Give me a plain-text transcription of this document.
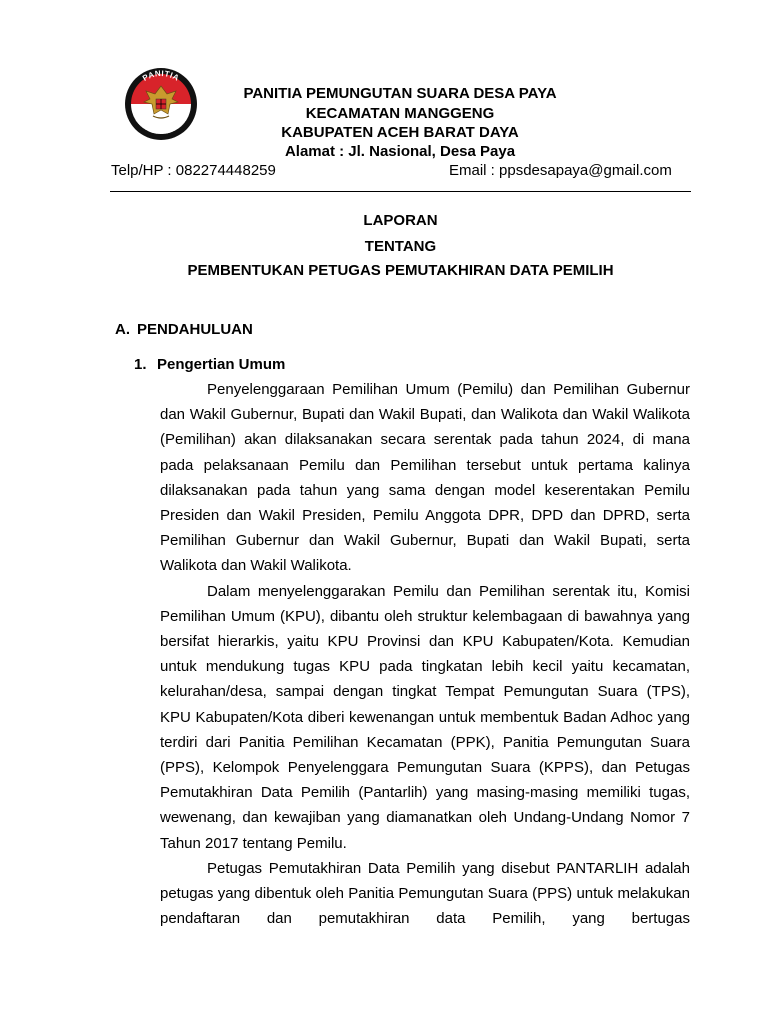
PANITIA
PEMUNGUTAN SUARA
PANITIA PEMUNGUTAN SUARA DESA PAYA
KECAMATAN MANGGENG
KABUPATEN ACEH BARAT DAYA
Alamat : Jl. Nasional, Desa Paya
Telp/HP : 082274448259	Email : ppsdesapaya@gmail.com
LAPORAN
TENTANG
PEMBENTUKAN PETUGAS PEMUTAKHIRAN DATA PEMILIH
A. PENDAHULUAN
1. Pengertian Umum

Penyelenggaraan Pemilihan Umum (Pemilu) dan Pemilihan Gubernur dan Wakil Gubernur, Bupati dan Wakil Bupati, dan Walikota dan Wakil Walikota (Pemilihan) akan dilaksanakan secara serentak pada tahun 2024, di mana pada pelaksanaan Pemilu dan Pemilihan tersebut untuk pertama kalinya dilaksanakan pada tahun yang sama dengan model keserentakan Pemilu Presiden dan Wakil Presiden, Pemilu Anggota DPR, DPD dan DPRD, serta Pemilihan Gubernur dan Wakil Gubernur, Bupati dan Wakil Bupati, serta Walikota dan Wakil Walikota.

Dalam menyelenggarakan Pemilu dan Pemilihan serentak itu, Komisi Pemilihan Umum (KPU), dibantu oleh struktur kelembagaan di bawahnya yang bersifat hierarkis, yaitu KPU Provinsi dan KPU Kabupaten/Kota. Kemudian untuk mendukung tugas KPU pada tingkatan lebih kecil yaitu kecamatan, kelurahan/desa, sampai dengan tingkat Tempat Pemungutan Suara (TPS), KPU Kabupaten/Kota diberi kewenangan untuk membentuk Badan Adhoc yang terdiri dari Panitia Pemilihan Kecamatan (PPK), Panitia Pemungutan Suara (PPS), Kelompok Penyelenggara Pemungutan Suara (KPPS), dan Petugas Pemutakhiran Data Pemilih (Pantarlih) yang masing-masing memiliki tugas, wewenang, dan kewajiban yang diamanatkan oleh Undang-Undang Nomor 7 Tahun 2017 tentang Pemilu.

Petugas Pemutakhiran Data Pemilih yang disebut PANTARLIH adalah petugas yang dibentuk oleh Panitia Pemungutan Suara (PPS) untuk melakukan pendaftaran dan pemutakhiran data Pemilih, yang bertugas
